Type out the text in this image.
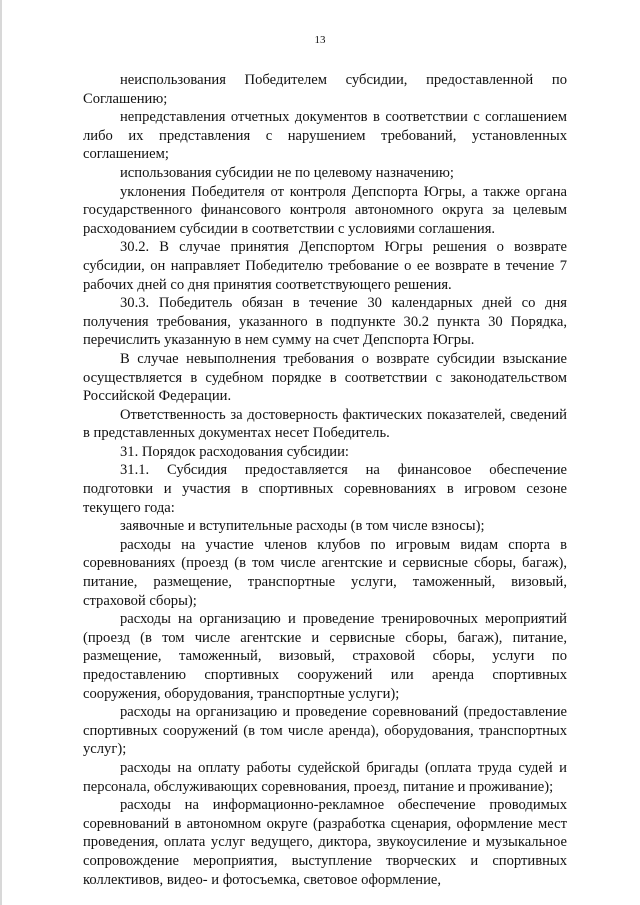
13

неиспользования Победителем субсидии, предоставленной по Соглашению;

непредставления отчетных документов в соответствии с соглашением либо их представления с нарушением требований, установленных соглашением;

использования субсидии не по целевому назначению;

уклонения Победителя от контроля Депспорта Югры, а также органа государственного финансового контроля автономного округа за целевым расходованием субсидии в соответствии с условиями соглашения.

30.2. В случае принятия Депспортом Югры решения о возврате субсидии, он направляет Победителю требование о ее возврате в течение 7 рабочих дней со дня принятия соответствующего решения.

30.3. Победитель обязан в течение 30 календарных дней со дня получения требования, указанного в подпункте 30.2 пункта 30 Порядка, перечислить указанную в нем сумму на счет Депспорта Югры.

В случае невыполнения требования о возврате субсидии взыскание осуществляется в судебном порядке в соответствии с законодательством Российской Федерации.

Ответственность за достоверность фактических показателей, сведений в представленных документах несет Победитель.

31. Порядок расходования субсидии:

31.1. Субсидия предоставляется на финансовое обеспечение подготовки и участия в спортивных соревнованиях в игровом сезоне текущего года:

заявочные и вступительные расходы (в том числе взносы);

расходы на участие членов клубов по игровым видам спорта в соревнованиях (проезд (в том числе агентские и сервисные сборы, багаж), питание, размещение, транспортные услуги, таможенный, визовый, страховой сборы);

расходы на организацию и проведение тренировочных мероприятий (проезд (в том числе агентские и сервисные сборы, багаж), питание, размещение, таможенный, визовый, страховой сборы, услуги по предоставлению спортивных сооружений или аренда спортивных сооружения, оборудования, транспортные услуги);

расходы на организацию и проведение соревнований (предоставление спортивных сооружений (в том числе аренда), оборудования, транспортных услуг);

расходы на оплату работы судейской бригады (оплата труда судей и персонала, обслуживающих соревнования, проезд, питание и проживание);

расходы на информационно-рекламное обеспечение проводимых соревнований в автономном округе (разработка сценария, оформление мест проведения, оплата услуг ведущего, диктора, звукоусиление и музыкальное сопровождение мероприятия, выступление творческих и спортивных коллективов, видео- и фотосъемка, световое оформление,
